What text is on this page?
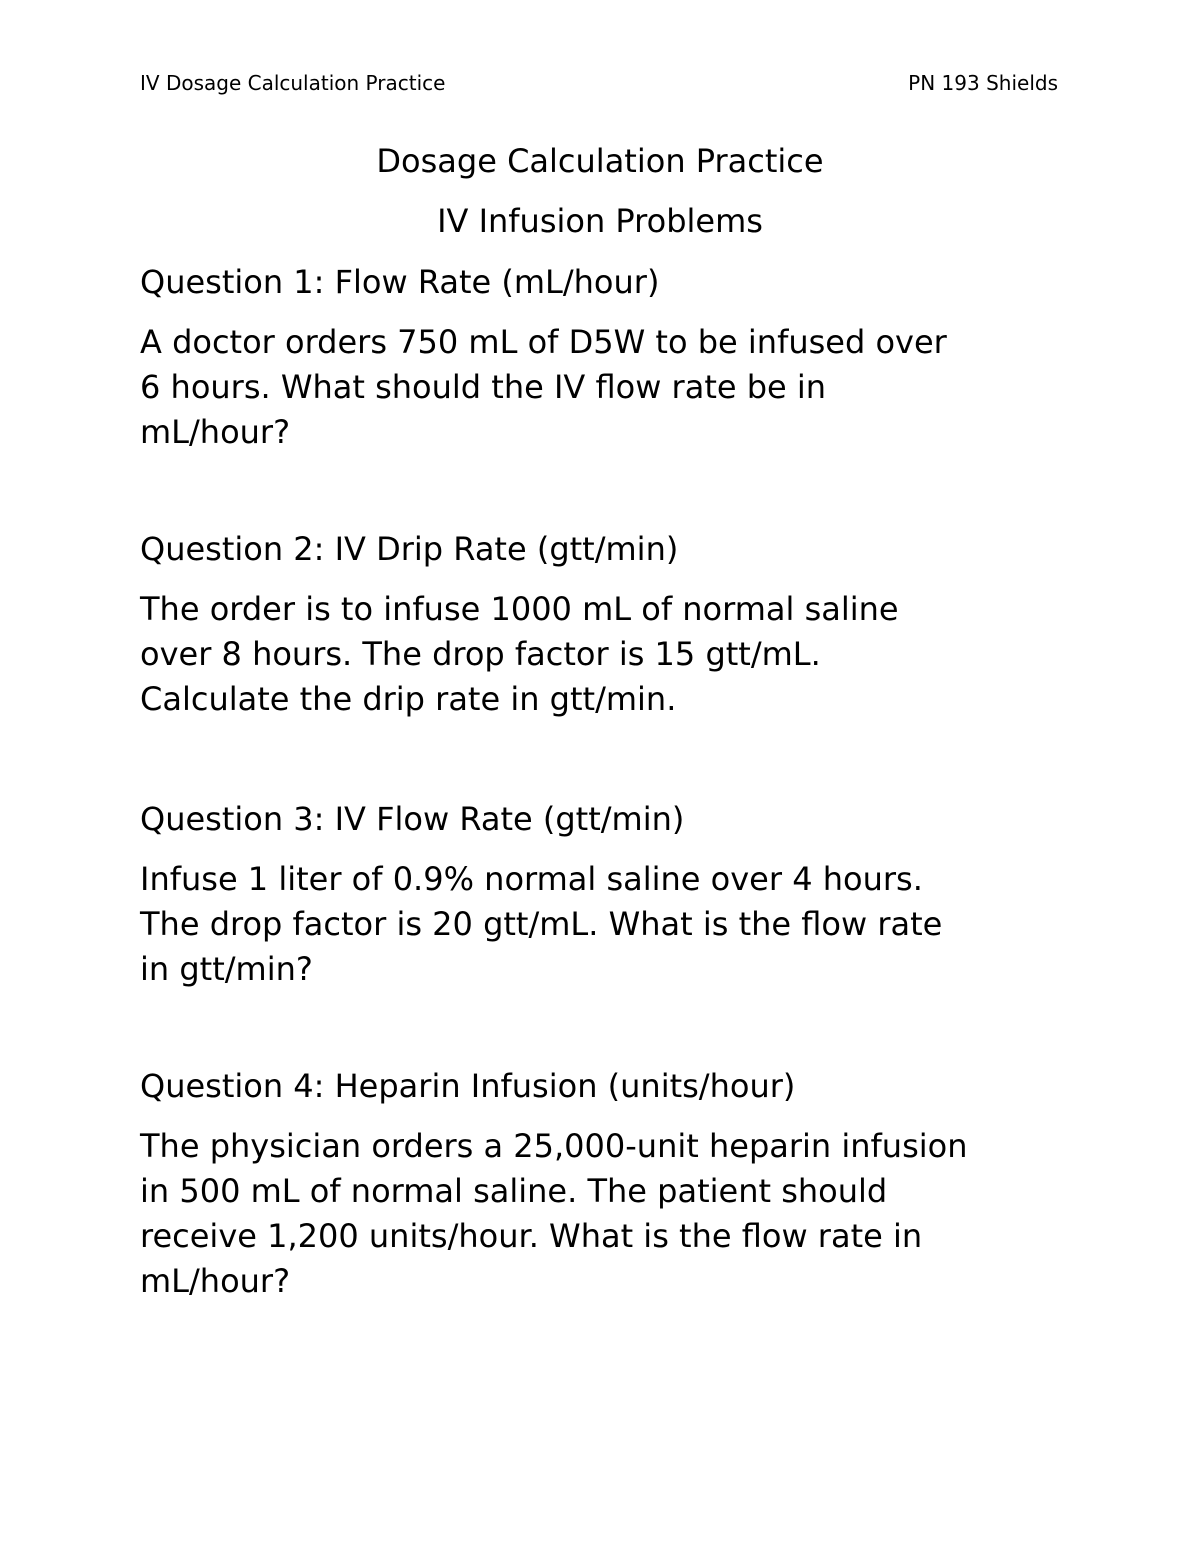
IV Dosage Calculation Practice	PN 193 Shields
Dosage Calculation Practice
IV Infusion Problems
Question 1: Flow Rate (mL/hour)

A doctor orders 750 mL of D5W to be infused over
6 hours. What should the IV flow rate be in
mL/hour?

Question 2: IV Drip Rate (gtt/min)

The order is to infuse 1000 mL of normal saline
over 8 hours. The drop factor is 15 gtt/mL.
Calculate the drip rate in gtt/min.

Question 3: IV Flow Rate (gtt/min)

Infuse 1 liter of 0.9% normal saline over 4 hours.
The drop factor is 20 gtt/mL. What is the flow rate
in gtt/min?

Question 4: Heparin Infusion (units/hour)

The physician orders a 25,000-unit heparin infusion
in 500 mL of normal saline. The patient should
receive 1,200 units/hour. What is the flow rate in
mL/hour?
